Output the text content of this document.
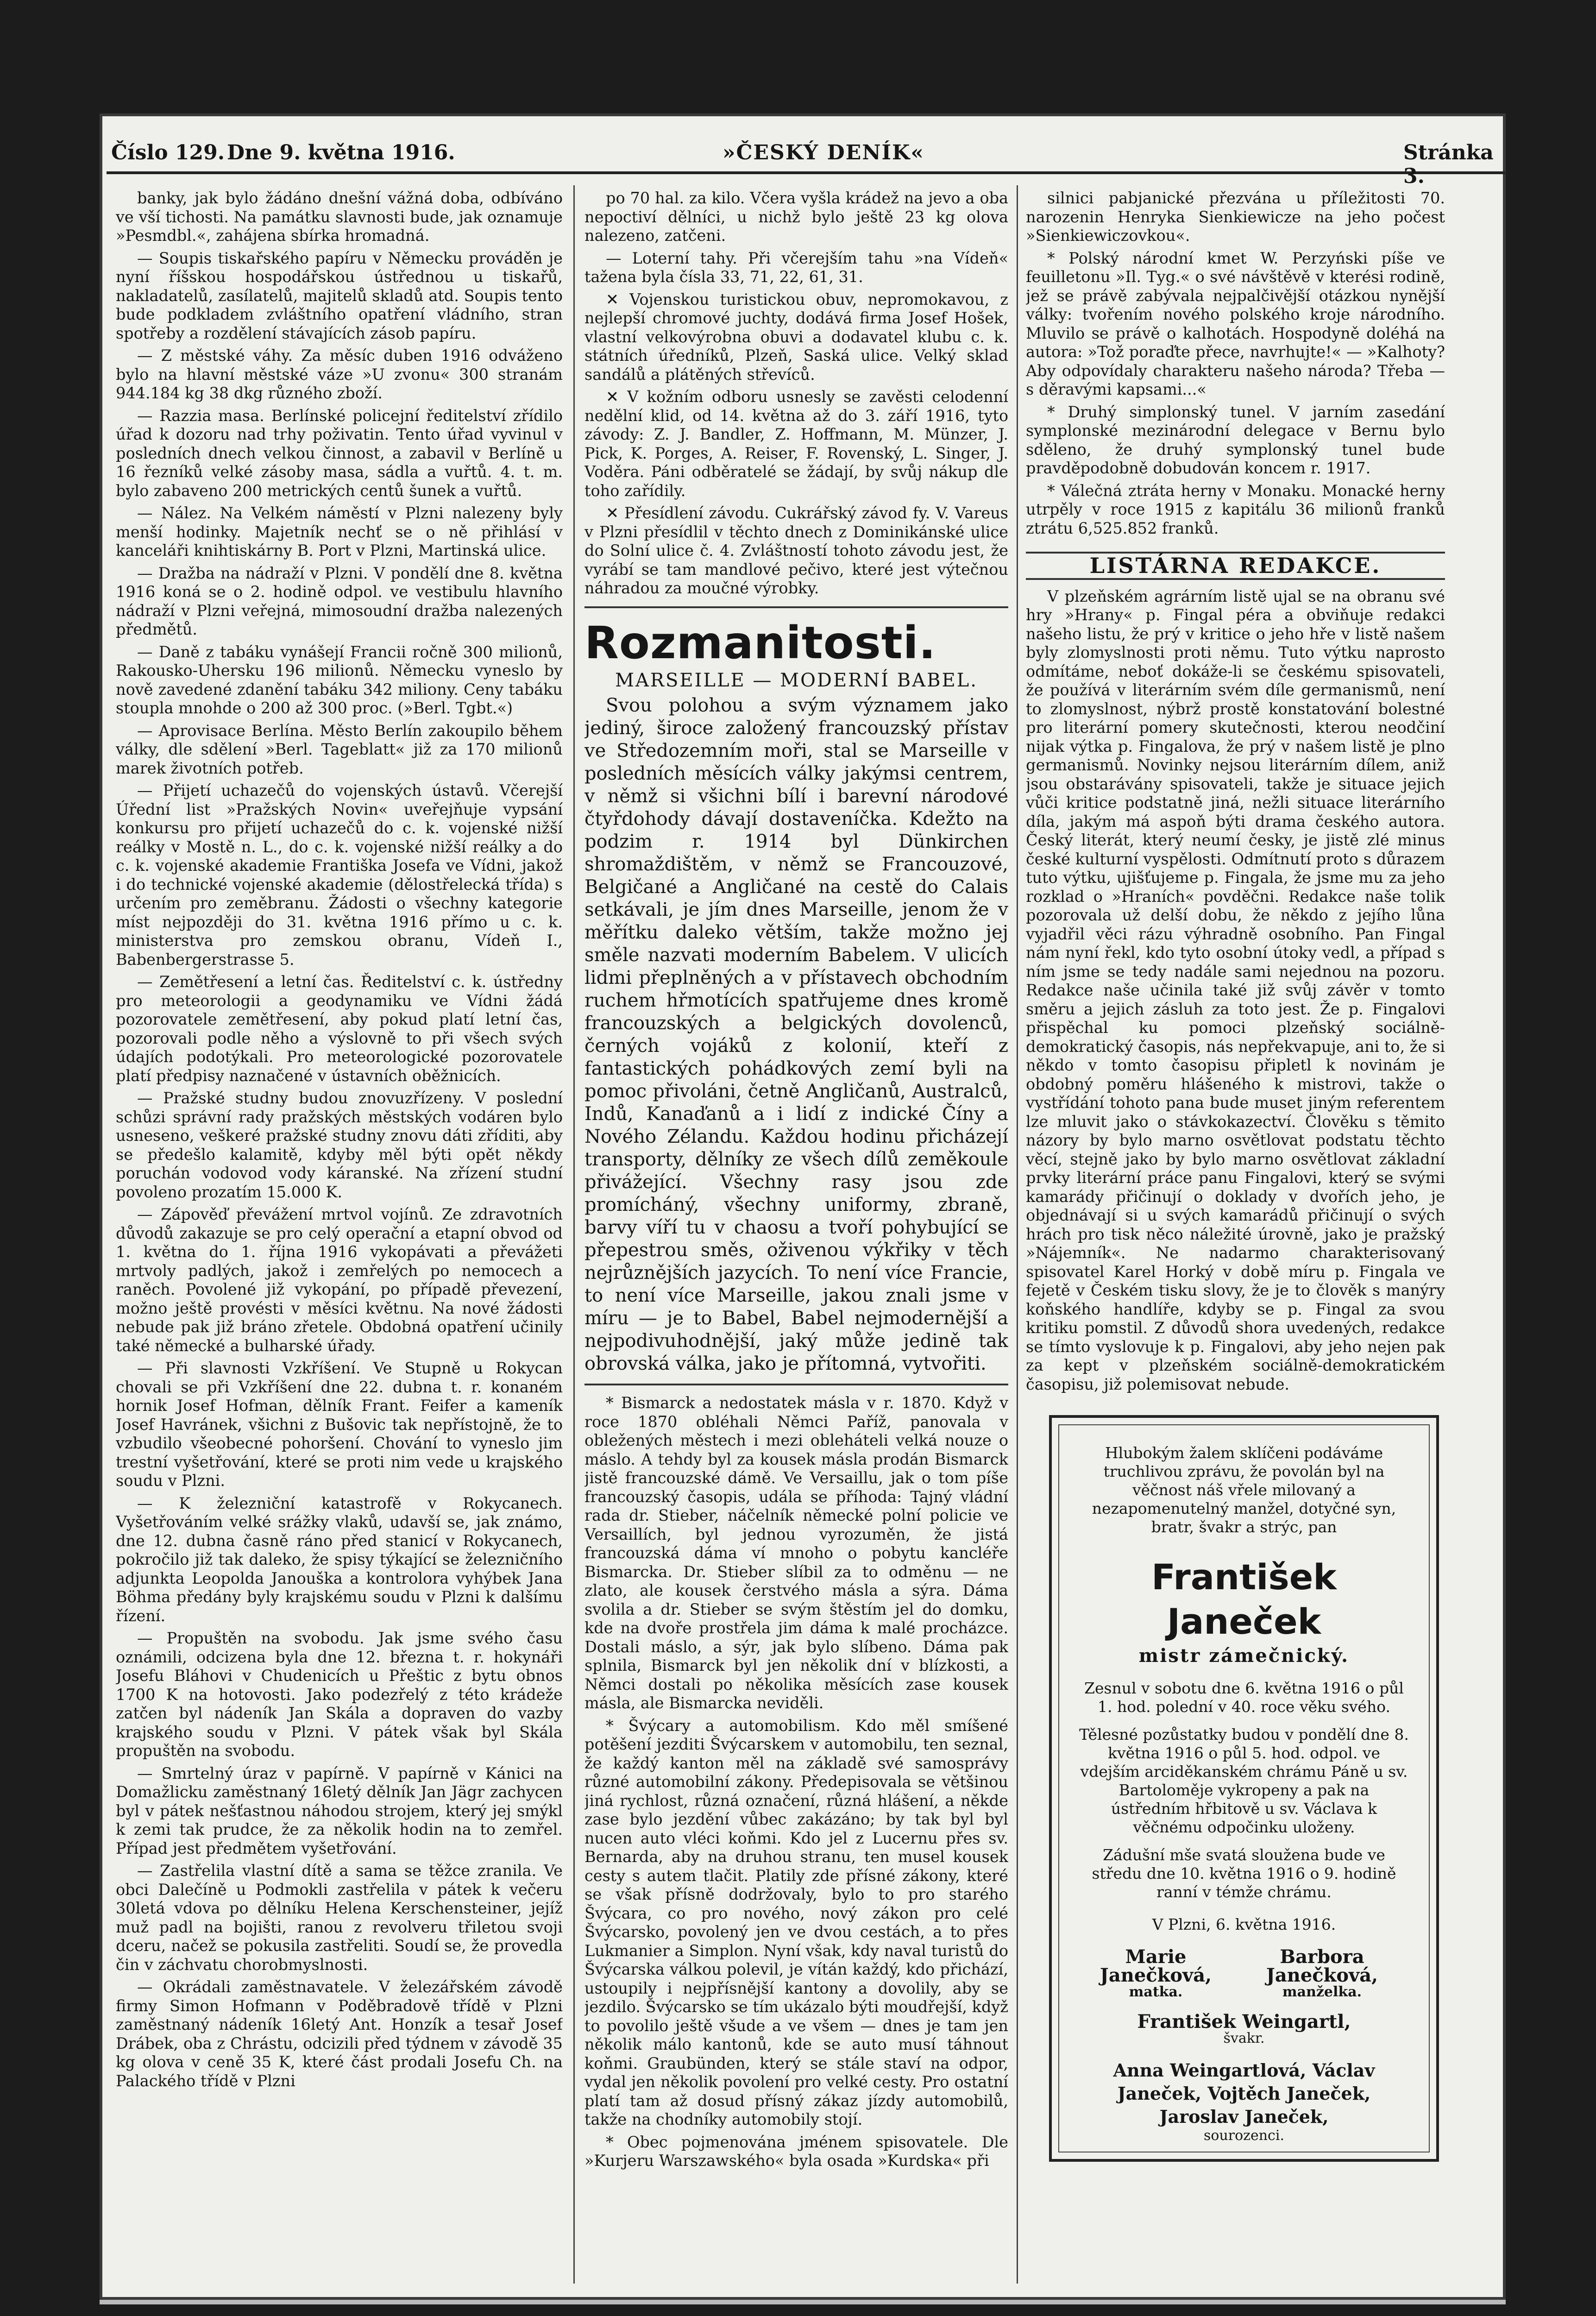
Číslo 129. Dne 9. května 1916.	»ČESKÝ DENÍK«	Stránka 3.

banky, jak bylo žádáno dnešní vážná doba, odbíváno ve vší tichosti. Na památku slavnosti bude, jak oznamuje »Pesmdbl.«, zahájena sbírka hromadná.

— Soupis tiskařského papíru v Německu prováděn je nyní říšskou hospodářskou ústřednou u tiskařů, nakladatelů, zasílatelů, majitelů skladů atd. Soupis tento bude podkladem zvláštního opatření vládního, stran spotřeby a rozdělení stávajících zásob papíru.

— Z městské váhy. Za měsíc duben 1916 odváženo bylo na hlavní městské váze »U zvonu« 300 stranám 944.184 kg 38 dkg různého zboží.

— Razzia masa. Berlínské policejní ředitelství zřídilo úřad k dozoru nad trhy poživatin. Tento úřad vyvinul v posledních dnech velkou činnost, a zabavil v Berlíně u 16 řezníků velké zásoby masa, sádla a vuřtů. 4. t. m. bylo zabaveno 200 metrických centů šunek a vuřtů.

— Nález. Na Velkém náměstí v Plzni nalezeny byly menší hodinky. Majetník nechť se o ně přihlásí v kanceláři knihtiskárny B. Port v Plzni, Martinská ulice.

— Dražba na nádraží v Plzni. V pondělí dne 8. května 1916 koná se o 2. hodině odpol. ve vestibulu hlavního nádraží v Plzni veřejná, mimosoudní dražba nalezených předmětů.

— Daně z tabáku vynášejí Francii ročně 300 milionů, Rakousko-Uhersku 196 milionů. Německu vyneslo by nově zavedené zdanění tabáku 342 miliony. Ceny tabáku stoupla mnohde o 200 až 300 proc. (»Berl. Tgbt.«)

— Aprovisace Berlína. Město Berlín zakoupilo během války, dle sdělení »Berl. Tageblatt« již za 170 milionů marek životních potřeb.

— Přijetí uchazečů do vojenských ústavů. Včerejší Úřední list »Pražských Novin« uveřejňuje vypsání konkursu pro přijetí uchazečů do c. k. vojenské nižší reálky v Mostě n. L., do c. k. vojenské nižší reálky a do c. k. vojenské akademie Františka Josefa ve Vídni, jakož i do technické vojenské akademie (dělostřelecká třída) s určením pro zeměbranu. Žádosti o všechny kategorie míst nejpozději do 31. května 1916 přímo u c. k. ministerstva pro zemskou obranu, Vídeň I., Babenbergerstrasse 5.

— Zemětřesení a letní čas. Ředitelství c. k. ústředny pro meteorologii a geodynamiku ve Vídni žádá pozorovatele zemětřesení, aby pokud platí letní čas, pozorovali podle něho a výslovně to při všech svých údajích podotýkali. Pro meteorologické pozorovatele platí předpisy naznačené v ústavních oběžnicích.

— Pražské studny budou znovuzřízeny. V poslední schůzi správní rady pražských městských vodáren bylo usneseno, veškeré pražské studny znovu dáti zříditi, aby se předešlo kalamitě, kdyby měl býti opět někdy poruchán vodovod vody káranské. Na zřízení studní povoleno prozatím 15.000 K.

— Zápověď převážení mrtvol vojínů. Ze zdravotních důvodů zakazuje se pro celý operační a etapní obvod od 1. května do 1. října 1916 vykopávati a převážeti mrtvoly padlých, jakož i zemřelých po nemocech a raněch. Povolené již vykopání, po případě převezení, možno ještě provésti v měsíci květnu. Na nové žádosti nebude pak již bráno zřetele. Obdobná opatření učinily také německé a bulharské úřady.

— Při slavnosti Vzkříšení. Ve Stupně u Rokycan chovali se při Vzkříšení dne 22. dubna t. r. konaném hornik Josef Hofman, dělník Frant. Feifer a kameník Josef Havránek, všichni z Bušovic tak nepřístojně, že to vzbudilo všeobecné pohoršení. Chování to vyneslo jim trestní vyšetřování, které se proti nim vede u krajského soudu v Plzni.

— K železniční katastrofě v Rokycanech. Vyšetřováním velké srážky vlaků, udavší se, jak známo, dne 12. dubna časně ráno před stanicí v Rokycanech, pokročilo již tak daleko, že spisy týkající se železničního adjunkta Leopolda Janouška a kontrolora vyhýbek Jana Böhma předány byly krajskému soudu v Plzni k dalšímu řízení.

— Propuštěn na svobodu. Jak jsme svého času oznámili, odcizena byla dne 12. března t. r. hokynáři Josefu Bláhovi v Chudenicích u Přeštic z bytu obnos 1700 K na hotovosti. Jako podezřelý z této krádeže zatčen byl nádeník Jan Skála a dopraven do vazby krajského soudu v Plzni. V pátek však byl Skála propuštěn na svobodu.

— Smrtelný úraz v papírně. V papírně v Kánici na Domažlicku zaměstnaný 16letý dělník Jan Jägr zachycen byl v pátek nešťastnou náhodou strojem, který jej smýkl k zemi tak prudce, že za několik hodin na to zemřel. Případ jest předmětem vyšetřování.

— Zastřelila vlastní dítě a sama se těžce zranila. Ve obci Dalečíně u Podmokli zastřelila v pátek k večeru 30letá vdova po dělníku Helena Kerschensteiner, jejíž muž padl na bojišti, ranou z revolveru třiletou svoji dceru, načež se pokusila zastřeliti. Soudí se, že provedla čin v záchvatu chorobmyslnosti.

— Okrádali zaměstnavatele. V železářském závodě firmy Simon Hofmann v Poděbradově třídě v Plzni zaměstnaný nádeník 16letý Ant. Honzík a tesař Josef Drábek, oba z Chrástu, odcizili před týdnem v závodě 35 kg olova v ceně 35 K, které část prodali Josefu Ch. na Palackého třídě v Plzni

po 70 hal. za kilo. Včera vyšla krádež na jevo a oba nepoctiví dělníci, u nichž bylo ještě 23 kg olova nalezeno, zatčeni.

— Loterní tahy. Při včerejším tahu »na Vídeň« tažena byla čísla 33, 71, 22, 61, 31.

✕ Vojenskou turistickou obuv, nepromokavou, z nejlepší chromové juchty, dodává firma Josef Hošek, vlastní velkovýrobna obuvi a dodavatel klubu c. k. státních úředníků, Plzeň, Saská ulice. Velký sklad sandálů a plátěných střevíců.

✕ V kožním odboru usnesly se zavěsti celodenní nedělní klid, od 14. května až do 3. září 1916, tyto závody: Z. J. Bandler, Z. Hoffmann, M. Münzer, J. Pick, K. Porges, A. Reiser, F. Rovenský, L. Singer, J. Voděra. Páni odběratelé se žádají, by svůj nákup dle toho zařídily.

✕ Přesídlení závodu. Cukrářský závod fy. V. Vareus v Plzni přesídlil v těchto dnech z Dominikánské ulice do Solní ulice č. 4. Zvláštností tohoto závodu jest, že vyrábí se tam mandlové pečivo, které jest výtečnou náhradou za moučné výrobky.

Rozmanitosti.
MARSEILLE — MODERNÍ BABEL.

Svou polohou a svým významem jako jediný, široce založený francouzský přístav ve Středozemním moři, stal se Marseille v posledních měsících války jakýmsi centrem, v němž si všichni bílí i barevní národové čtyřdohody dávají dostaveníčka. Kdežto na podzim r. 1914 byl Dünkirchen shromaždištěm, v němž se Francouzové, Belgičané a Angličané na cestě do Calais setkávali, je jím dnes Marseille, jenom že v měřítku daleko větším, takže možno jej směle nazvati moderním Babelem. V ulicích lidmi přeplněných a v přístavech obchodním ruchem hřmotících spatřujeme dnes kromě francouzských a belgických dovolenců, černých vojáků z kolonií, kteří z fantastických pohádkových zemí byli na pomoc přivoláni, četně Angličanů, Australců, Indů, Kanaďanů a i lidí z indické Číny a Nového Zélandu. Každou hodinu přicházejí transporty, dělníky ze všech dílů zeměkoule přivážející. Všechny rasy jsou zde promícháný, všechny uniformy, zbraně, barvy víří tu v chaosu a tvoří pohybující se přepestrou směs, oživenou výkřiky v těch nejrůznějších jazycích. To není více Francie, to není více Marseille, jakou znali jsme v míru — je to Babel, Babel nejmodernější a nejpodivuhodnější, jaký může jedině tak obrovská válka, jako je přítomná, vytvořiti.

* Bismarck a nedostatek másla v r. 1870. Když v roce 1870 obléhali Němci Paříž, panovala v obležených městech i mezi obleháteli velká nouze o máslo. A tehdy byl za kousek másla prodán Bismarck jistě francouzské dámě. Ve Versaillu, jak o tom píše francouzský časopis, udála se příhoda: Tajný vládní rada dr. Stieber, náčelník německé polní policie ve Versaillích, byl jednou vyrozuměn, že jistá francouzská dáma ví mnoho o pobytu kancléře Bismarcka. Dr. Stieber slíbil za to odměnu — ne zlato, ale kousek čerstvého másla a sýra. Dáma svolila a dr. Stieber se svým štěstím jel do domku, kde na dvoře prostřela jim dáma k malé procházce. Dostali máslo, a sýr, jak bylo slíbeno. Dáma pak splnila, Bismarck byl jen několik dní v blízkosti, a Němci dostali po několika měsících zase kousek másla, ale Bismarcka neviděli.

* Švýcary a automobilism. Kdo měl smíšené potěšení jezditi Švýcarskem v automobilu, ten seznal, že každý kanton měl na základě své samosprávy různé automobilní zákony. Předepisovala se většinou jiná rychlost, různá označení, různá hlášení, a někde zase bylo jezdění vůbec zakázáno; by tak byl byl nucen auto vléci koňmi. Kdo jel z Lucernu přes sv. Bernarda, aby na druhou stranu, ten musel kousek cesty s autem tlačit. Platily zde přísné zákony, které se však přísně dodržovaly, bylo to pro starého Švýcara, co pro nového, nový zákon pro celé Švýcarsko, povolený jen ve dvou cestách, a to přes Lukmanier a Simplon. Nyní však, kdy naval turistů do Švýcarska válkou polevil, je vítán každý, kdo přichází, ustoupily i nejpřísnější kantony a dovolily, aby se jezdilo. Švýcarsko se tím ukázalo býti moudřejší, když to povolilo ještě všude a ve všem — dnes je tam jen několik málo kantonů, kde se auto musí táhnout koňmi. Graubünden, který se stále staví na odpor, vydal jen několik povolení pro velké cesty. Pro ostatní platí tam až dosud přísný zákaz jízdy automobilů, takže na chodníky automobily stojí.

* Obec pojmenována jménem spisovatele. Dle »Kurjeru Warszawského« byla osada »Kurdska« při

silnici pabjanické přezvána u příležitosti 70. narozenin Henryka Sienkiewicze na jeho počest »Sienkiewiczovkou«.

* Polský národní kmet W. Perzyński píše ve feuilletonu »Il. Tyg.« o své návštěvě v kterési rodině, jež se právě zabývala nejpalčivější otázkou nynější války: tvořením nového polského kroje národního. Mluvilo se právě o kalhotách. Hospodyně doléhá na autora: »Tož poraďte přece, navrhujte!« — »Kalhoty? Aby odpovídaly charakteru našeho národa? Třeba — s děravými kapsami...«

* Druhý simplonský tunel. V jarním zasedání symplonské mezinárodní delegace v Bernu bylo sděleno, že druhý symplonský tunel bude pravděpodobně dobudován koncem r. 1917.

* Válečná ztráta herny v Monaku. Monacké herny utrpěly v roce 1915 z kapitálu 36 milionů franků ztrátu 6,525.852 franků.

LISTÁRNA REDAKCE.

V plzeňském agrárním listě ujal se na obranu své hry »Hrany« p. Fingal péra a obviňuje redakci našeho listu, že prý v kritice o jeho hře v listě našem byly zlomyslnosti proti němu. Tuto výtku naprosto odmítáme, neboť dokáže-li se českému spisovateli, že používá v literárním svém díle germanismů, není to zlomyslnost, nýbrž prostě konstatování bolestné pro literární pomery skutečnosti, kterou neodčiní nijak výtka p. Fingalova, že prý v našem listě je plno germanismů. Novinky nejsou literárním dílem, aniž jsou obstarávány spisovateli, takže je situace jejich vůči kritice podstatně jiná, nežli situace literárního díla, jakým má aspoň býti drama českého autora. Český literát, který neumí česky, je jistě zlé minus české kulturní vyspělosti. Odmítnutí proto s důrazem tuto výtku, ujišťujeme p. Fingala, že jsme mu za jeho rozklad o »Hraních« povděčni. Redakce naše tolik pozorovala už delší dobu, že někdo z jejího lůna vyjadřil věci rázu výhradně osobního. Pan Fingal nám nyní řekl, kdo tyto osobní útoky vedl, a případ s ním jsme se tedy nadále sami nejednou na pozoru. Redakce naše učinila také již svůj závěr v tomto směru a jejich zásluh za toto jest. Že p. Fingalovi přispěchal ku pomoci plzeňský sociálně-demokratický časopis, nás nepřekvapuje, ani to, že si někdo v tomto časopisu připletl k novinám je obdobný poměru hlášeného k mistrovi, takže o vystřídání tohoto pana bude muset jiným referentem lze mluvit jako o stávkokazectví. Člověku s těmito názory by bylo marno osvětlovat podstatu těchto věcí, stejně jako by bylo marno osvětlovat základní prvky literární práce panu Fingalovi, který se svými kamarády přičinují o doklady v dvořích jeho, je objednávají si u svých kamarádů přičinují o svých hrách pro tisk něco náležité úrovně, jako je pražský »Nájemník«. Ne nadarmo charakterisovaný spisovatel Karel Horký v době míru p. Fingala ve fejetě v Českém tisku slovy, že je to člověk s manýry koňského handlíře, kdyby se p. Fingal za svou kritiku pomstil. Z důvodů shora uvedených, redakce se tímto vyslovuje k p. Fingalovi, aby jeho nejen pak za kept v plzeňském sociálně-demokratickém časopisu, již polemisovat nebude.

Hlubokým žalem sklíčeni podáváme truchlivou zprávu, že povolán byl na věčnost náš vřele milovaný a nezapomenutelný manžel, dotyčné syn, bratr, švakr a strýc, pan
František Janeček
mistr zámečnický.
Zesnul v sobotu dne 6. května 1916 o půl 1. hod. polední v 40. roce věku svého.
Tělesné pozůstatky budou v pondělí dne 8. května 1916 o půl 5. hod. odpol. ve vdejším arciděkanském chrámu Páně u sv. Bartoloměje vykropeny a pak na ústředním hřbitově u sv. Václava k věčnému odpočinku uloženy.
Zádušní mše svatá sloužena bude ve středu dne 10. května 1916 o 9. hodině ranní v témže chrámu.
V Plzni, 6. května 1916.
Marie Janečková,
matka.
Barbora Janečková,
manželka.
František Weingartl,
švakr.
Anna Weingartlová, Václav Janeček, Vojtěch Janeček, Jaroslav Janeček,
sourozenci.
